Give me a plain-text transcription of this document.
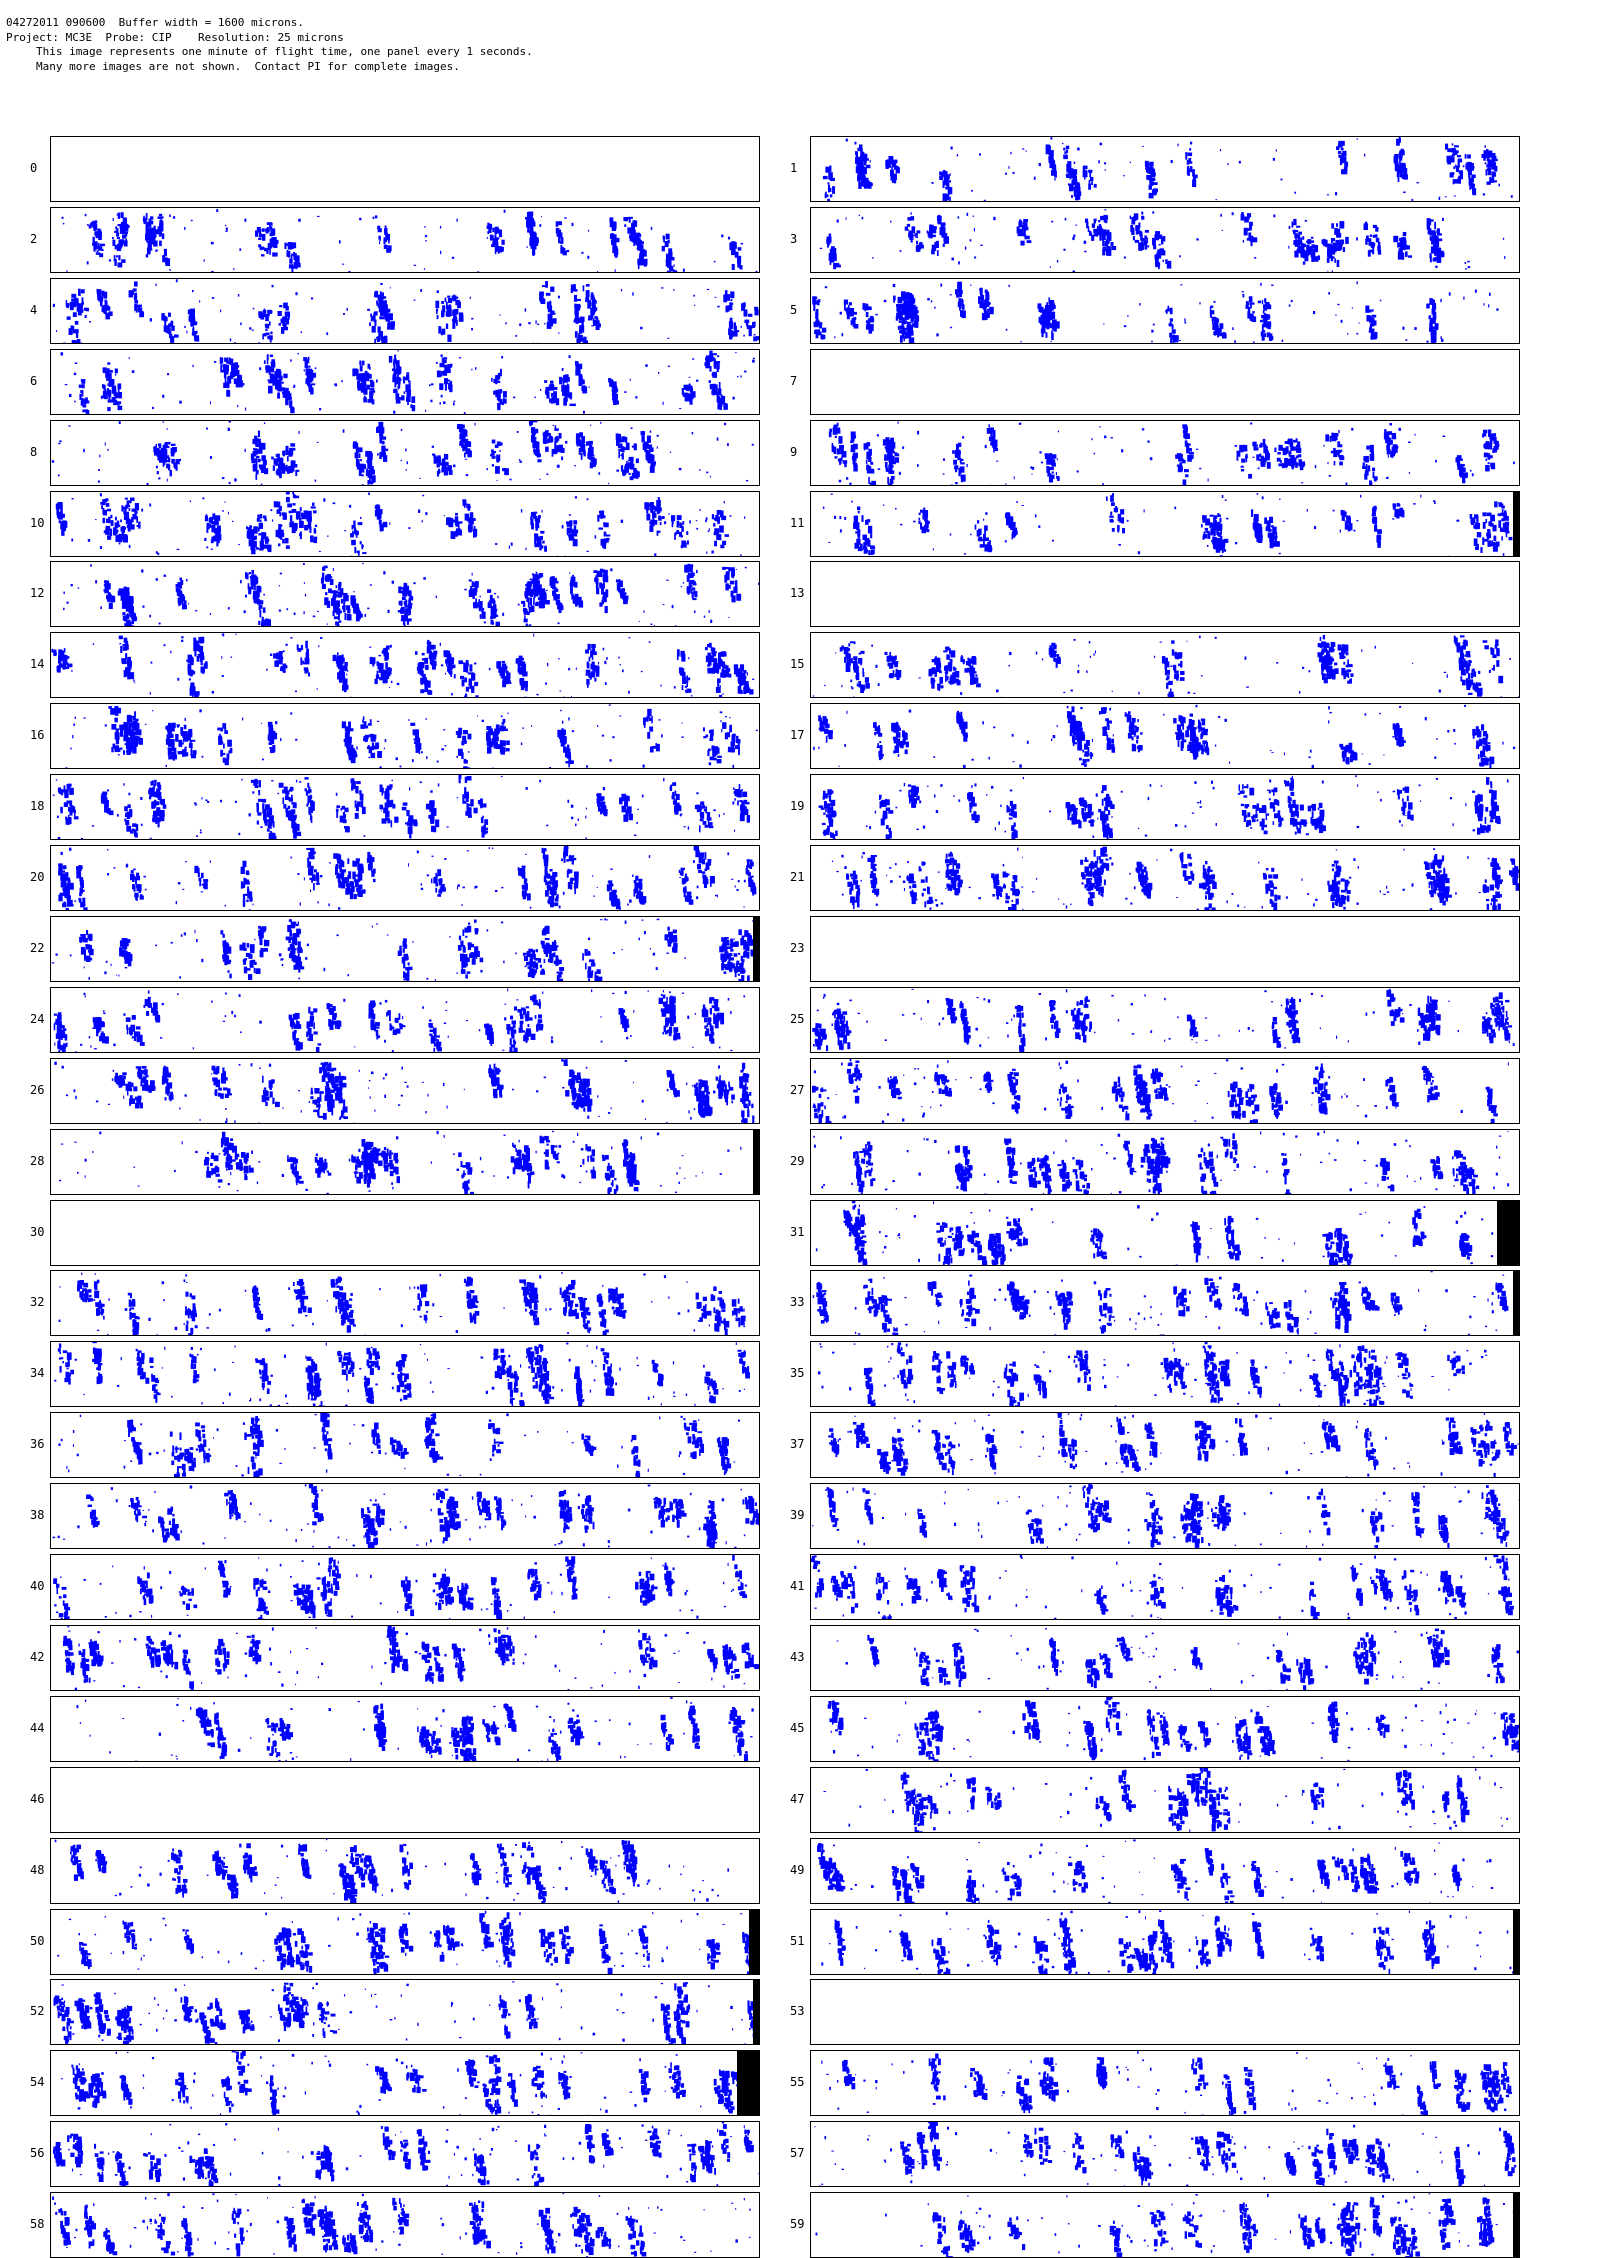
04272011 090600  Buffer width = 1600 microns.
Project: MC3E  Probe: CIP    Resolution: 25 microns
This image represents one minute of flight time, one panel every 1 seconds.
Many more images are not shown.  Contact PI for complete images.
0	1
2	3
4	5
6	7
8	9
10	11
12	13
14	15
16	17
18	19
20	21
22	23
24	25
26	27
28	29
30	31
32	33
34	35
36	37
38	39
40	41
42	43
44	45
46	47
48	49
50	51
52	53
54	55
56	57
58	59
